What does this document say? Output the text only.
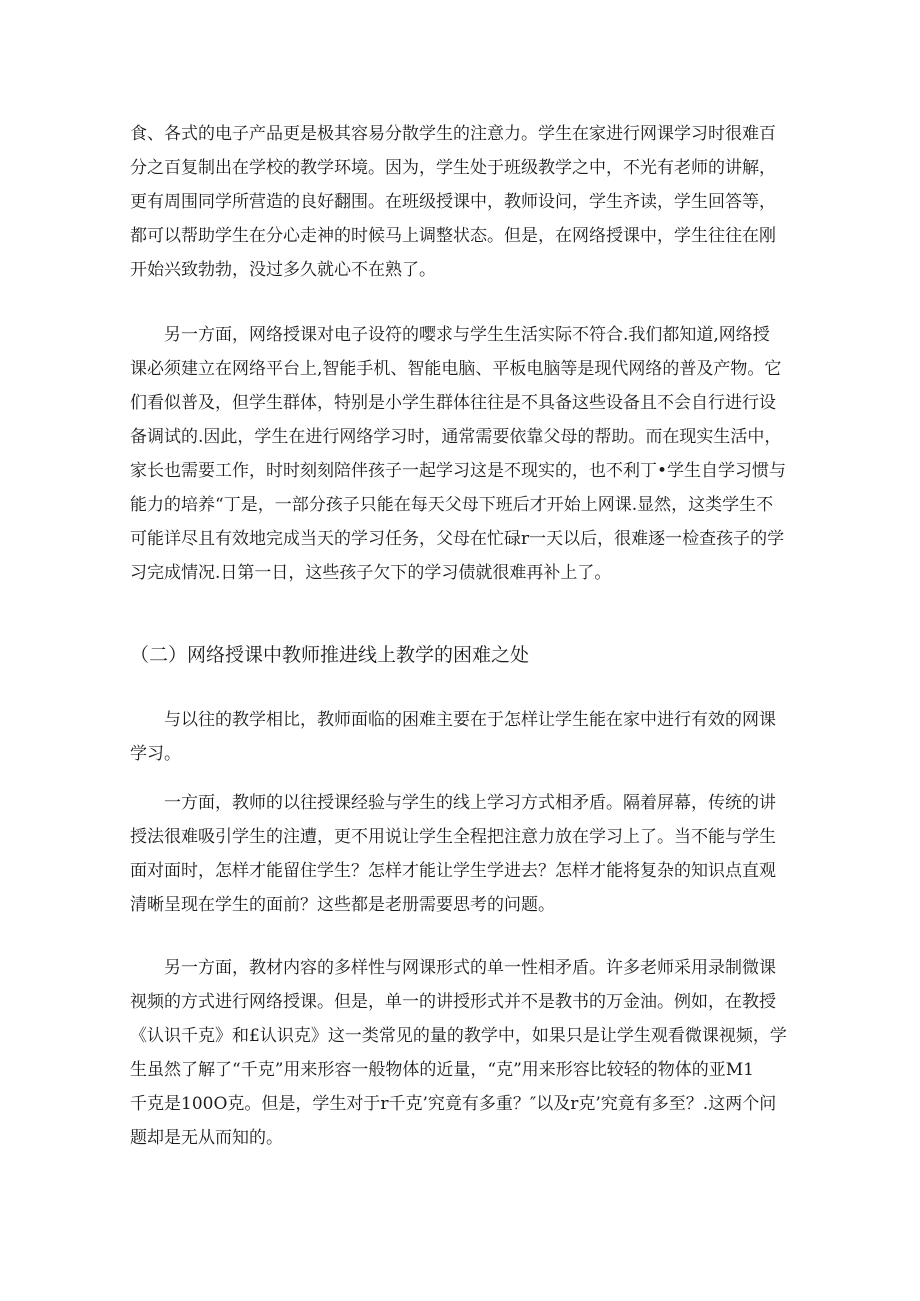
食、各式的电子产品更是极其容易分散学生的注意力。学生在家进行网课学习时很难百
分之百复制出在学校的教学环境。因为，学生处于班级教学之中，不光有老师的讲解，
更有周围同学所营造的良好翻围。在班级授课中，教师设问，学生齐读，学生回答等，
都可以帮助学生在分心走神的时候马上调整状态。但是，在网络授课中，学生往往在刚
开始兴致勃勃，没过多久就心不在熟了。
另一方面，网络授课对电子设符的嘤求与学生生活实际不符合.我们都知道,网络授
课必须建立在网络平台上,智能手机、智能电脑、平板电脑等是现代网络的普及产物。它
们看似普及，但学生群体，特别是小学生群体往往是不具备这些设备且不会自行进行设
备调试的.因此，学生在进行网络学习时，通常需要依靠父母的帮助。而在现实生活中，
家长也需要工作，时时刻刻陪伴孩子一起学习这是不现实的，也不利丁•学生自学习惯与
能力的培养“丁是，一部分孩子只能在每天父母下班后才开始上网课.显然，这类学生不
可能详尽且有效地完成当天的学习任务，父母在忙碌r一天以后，很难逐一检查孩子的学
习完成情况.日第一日，这些孩子欠下的学习债就很难再补上了。
（二）网络授课中教师推进线上教学的困难之处
与以往的教学相比，教师面临的困难主要在于怎样让学生能在家中进行有效的网课
学习。
一方面，教师的以往授课经验与学生的线上学习方式相矛盾。隔着屏幕，传统的讲
授法很难吸引学生的注遭，更不用说让学生全程把注意力放在学习上了。当不能与学生
面对面时，怎样才能留住学生？怎样才能让学生学进去？怎样才能将复杂的知识点直观
清晰呈现在学生的面前？这些都是老册需要思考的问题。
另一方面，教材内容的多样性与网课形式的单一性相矛盾。许多老师采用录制微课
视频的方式进行网络授课。但是，单一的讲授形式并不是教书的万金油。例如，在教授
《认识千克》和£认识克》这一类常见的量的教学中，如果只是让学生观看微课视频，学
生虽然了解了“千克”用来形容一般物体的近量，“克”用来形容比较轻的物体的亚M1
千克是100O克。但是，学生对于r千克’究竟有多重？″以及r克’究竟有多至？.这两个问
题却是无从而知的。
